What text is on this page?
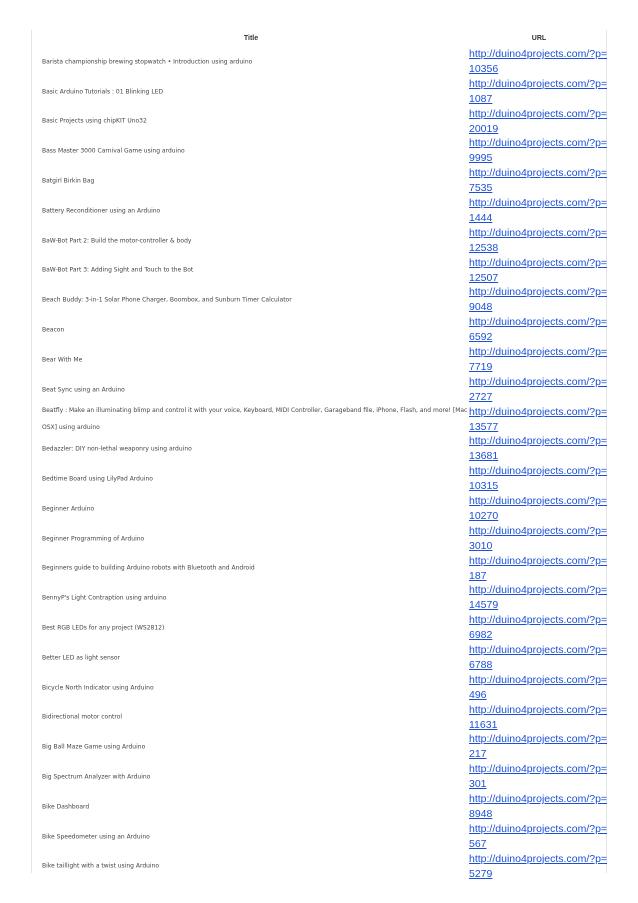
Title	URL
Barista championship brewing stopwatch • Introduction using arduino
http://duino4projects.com/?p=10356
Basic Arduino Tutorials : 01 Blinking LED
http://duino4projects.com/?p=1087
Basic Projects using chipKIT Uno32
http://duino4projects.com/?p=20019
Bass Master 3000 Carnival Game using arduino
http://duino4projects.com/?p=9995
Batgirl Birkin Bag
http://duino4projects.com/?p=7535
Battery Reconditioner using an Arduino
http://duino4projects.com/?p=1444
BaW-Bot Part 2: Build the motor-controller & body
http://duino4projects.com/?p=12538
BaW-Bot Part 3: Adding Sight and Touch to the Bot
http://duino4projects.com/?p=12507
Beach Buddy: 3-in-1 Solar Phone Charger, Boombox, and Sunburn Timer Calculator
http://duino4projects.com/?p=9048
Beacon
http://duino4projects.com/?p=6592
Bear With Me
http://duino4projects.com/?p=7719
Beat Sync using an Arduino
http://duino4projects.com/?p=2727
Beatfly : Make an illuminating blimp and control it with your voice, Keyboard, MIDI Controller, Garageband file, iPhone, Flash, and more! [Mac OSX] using arduino
http://duino4projects.com/?p=13577
Bedazzler: DIY non-lethal weaponry using arduino
http://duino4projects.com/?p=13681
Bedtime Board using LilyPad Arduino
http://duino4projects.com/?p=10315
Beginner Arduino
http://duino4projects.com/?p=10270
Beginner Programming of Arduino
http://duino4projects.com/?p=3010
Beginners guide to building Arduino robots with Bluetooth and Android
http://duino4projects.com/?p=187
BennyP's Light Contraption using arduino
http://duino4projects.com/?p=14579
Best RGB LEDs for any project (WS2812)
http://duino4projects.com/?p=6982
Better LED as light sensor
http://duino4projects.com/?p=6788
Bicycle North Indicator using Arduino
http://duino4projects.com/?p=496
Bidirectional motor control
http://duino4projects.com/?p=11631
Big Ball Maze Game using Arduino
http://duino4projects.com/?p=217
Big Spectrum Analyzer with Arduino
http://duino4projects.com/?p=301
Bike Dashboard
http://duino4projects.com/?p=8948
Bike Speedometer using an Arduino
http://duino4projects.com/?p=567
Bike taillight with a twist using Arduino
http://duino4projects.com/?p=5279
